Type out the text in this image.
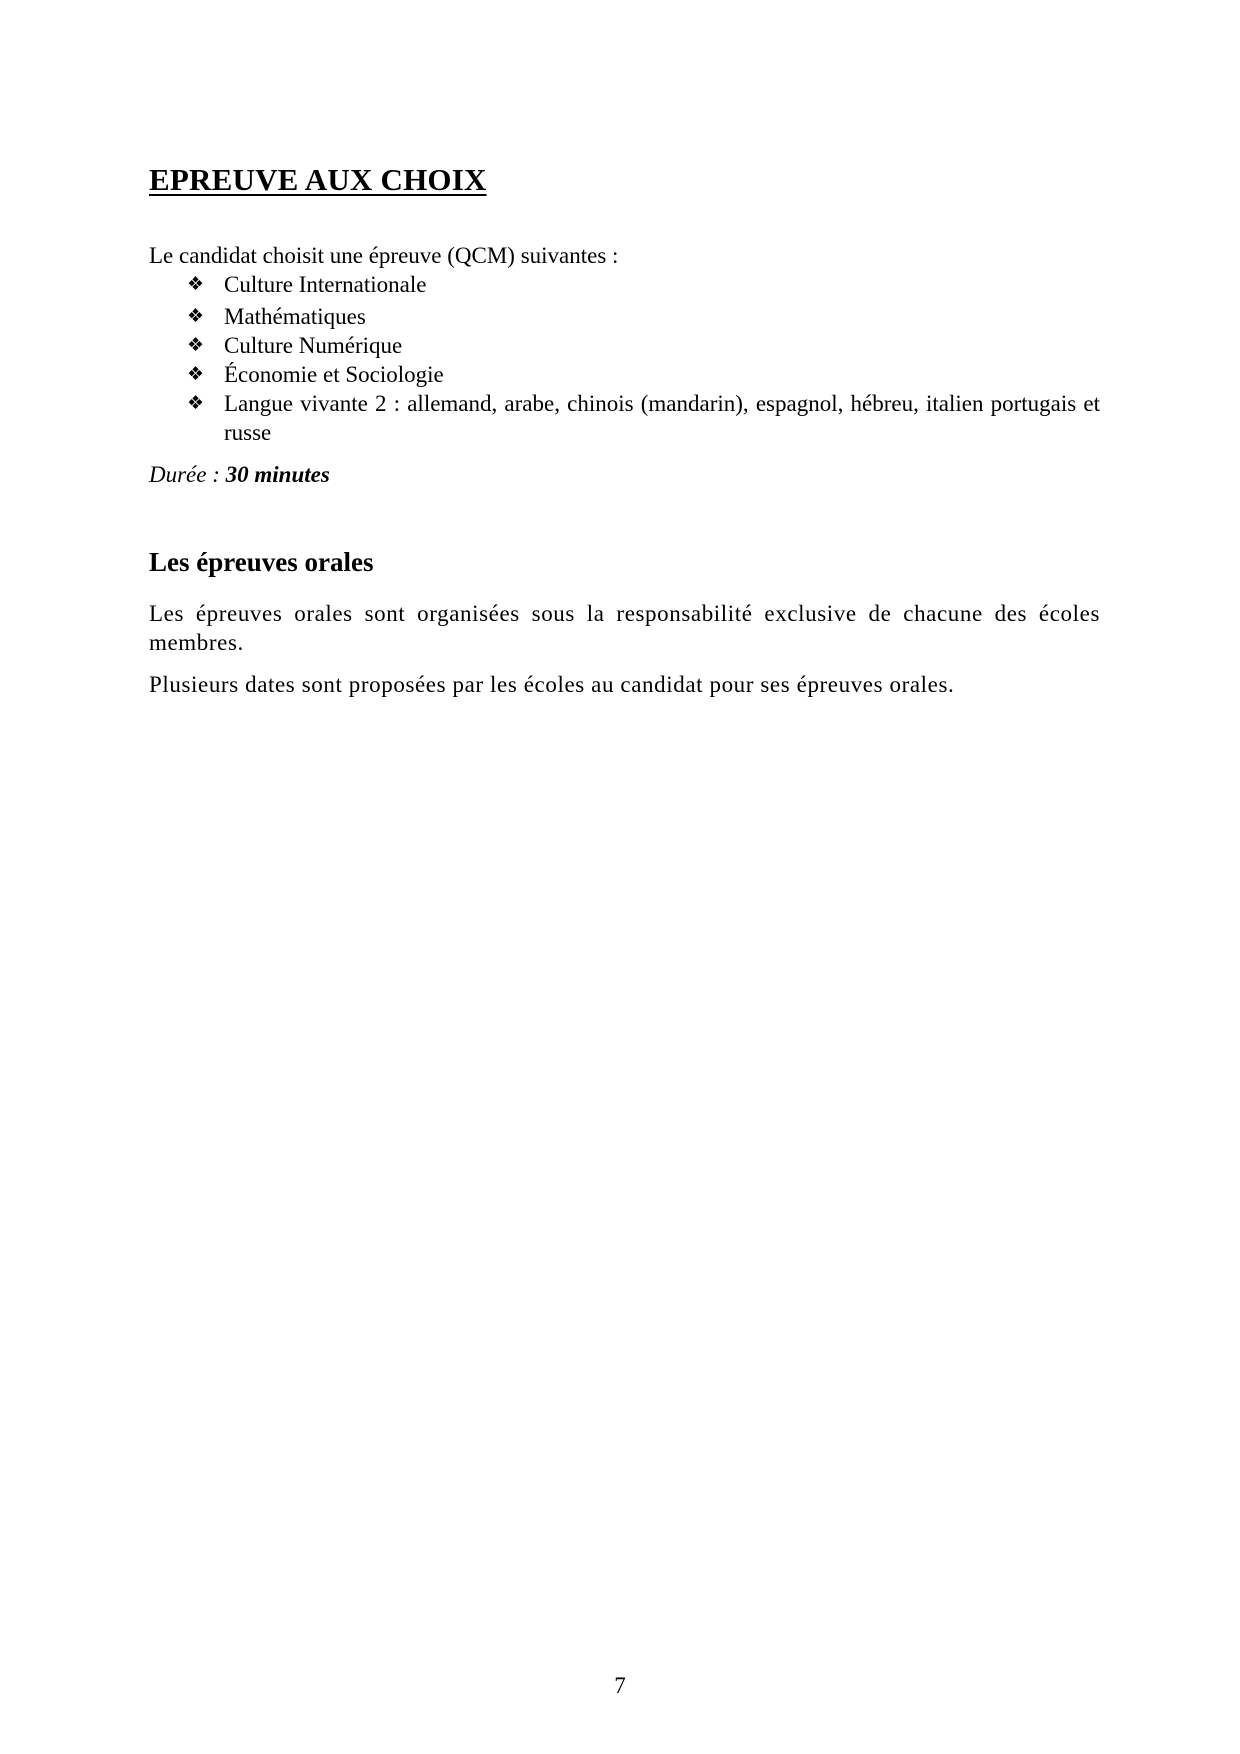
EPREUVE AUX CHOIX

Le candidat choisit une épreuve (QCM) suivantes :

❖ Culture Internationale
❖ Mathématiques
❖ Culture Numérique
❖ Économie et Sociologie
❖ Langue vivante 2 : allemand, arabe, chinois (mandarin), espagnol, hébreu, italien portugais et russe

Durée : 30 minutes

Les épreuves orales

Les épreuves orales sont organisées sous la responsabilité exclusive de chacune des écoles membres.

Plusieurs dates sont proposées par les écoles au candidat pour ses épreuves orales.

7
